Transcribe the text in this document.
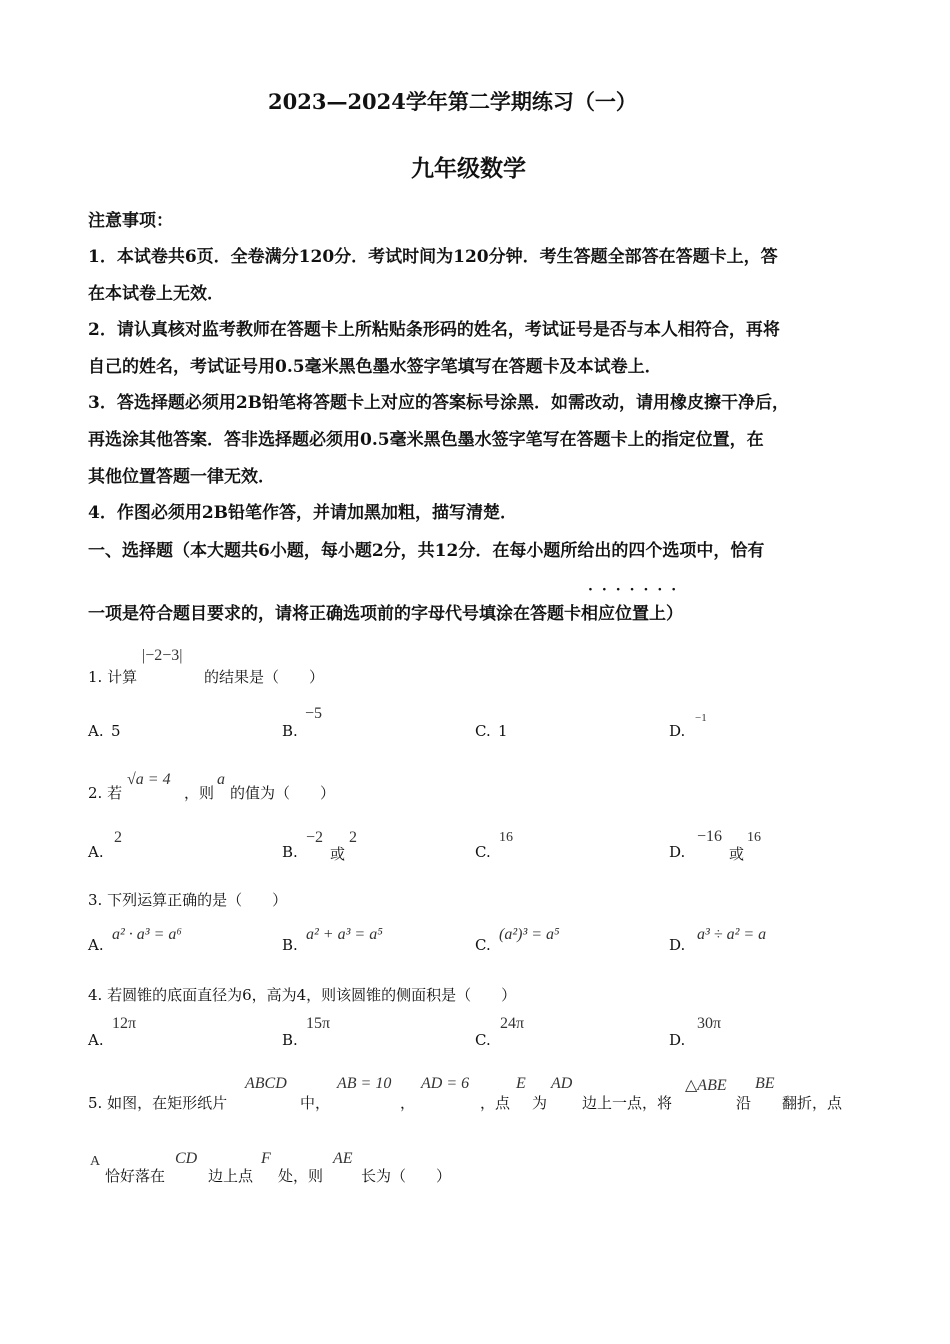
2023—2024学年第二学期练习（一）
九年级数学
注意事项：
1．本试卷共6页．全卷满分120分．考试时间为120分钟．考生答题全部答在答题卡上，答
在本试卷上无效．
2．请认真核对监考教师在答题卡上所粘贴条形码的姓名，考试证号是否与本人相符合，再将
自己的姓名，考试证号用0.5毫米黑色墨水签字笔填写在答题卡及本试卷上．
3．答选择题必须用2B铅笔将答题卡上对应的答案标号涂黑．如需改动，请用橡皮擦干净后，
再选涂其他答案．答非选择题必须用0.5毫米黑色墨水签字笔写在答题卡上的指定位置，在
其他位置答题一律无效．
4．作图必须用2B铅笔作答，并请加黑加粗，描写清楚．
一、选择题（本大题共6小题，每小题2分，共12分．在每小题所给出的四个选项中，恰有
·······
一项是符合题目要求的，请将正确选项前的字母代号填涂在答题卡相应位置上）
1. 计算
|−2−3|
的结果是（　　）
A. 5	B.
−5
C. 1	D.
−1
2. 若
√a = 4
，则
a
的值为（　　）
A.
2
B.
−2
或
2
C.
16
D.
−16
或
16
3. 下列运算正确的是（　　）
A.
a² · a³ = a⁶
B.
a² + a³ = a⁵
C.
(a²)³ = a⁵
D.
a³ ÷ a² = a
4. 若圆锥的底面直径为6，高为4，则该圆锥的侧面积是（　　）
A.
12π
B.
15π
C.
24π
D.
30π
5. 如图，在矩形纸片
ABCD
中，
AB = 10
，
AD = 6
，点
E
为
AD
边上一点，将
△ABE
沿
BE
翻折，点
A
恰好落在
CD
边上点
F
处，则
AE
长为（　　）
